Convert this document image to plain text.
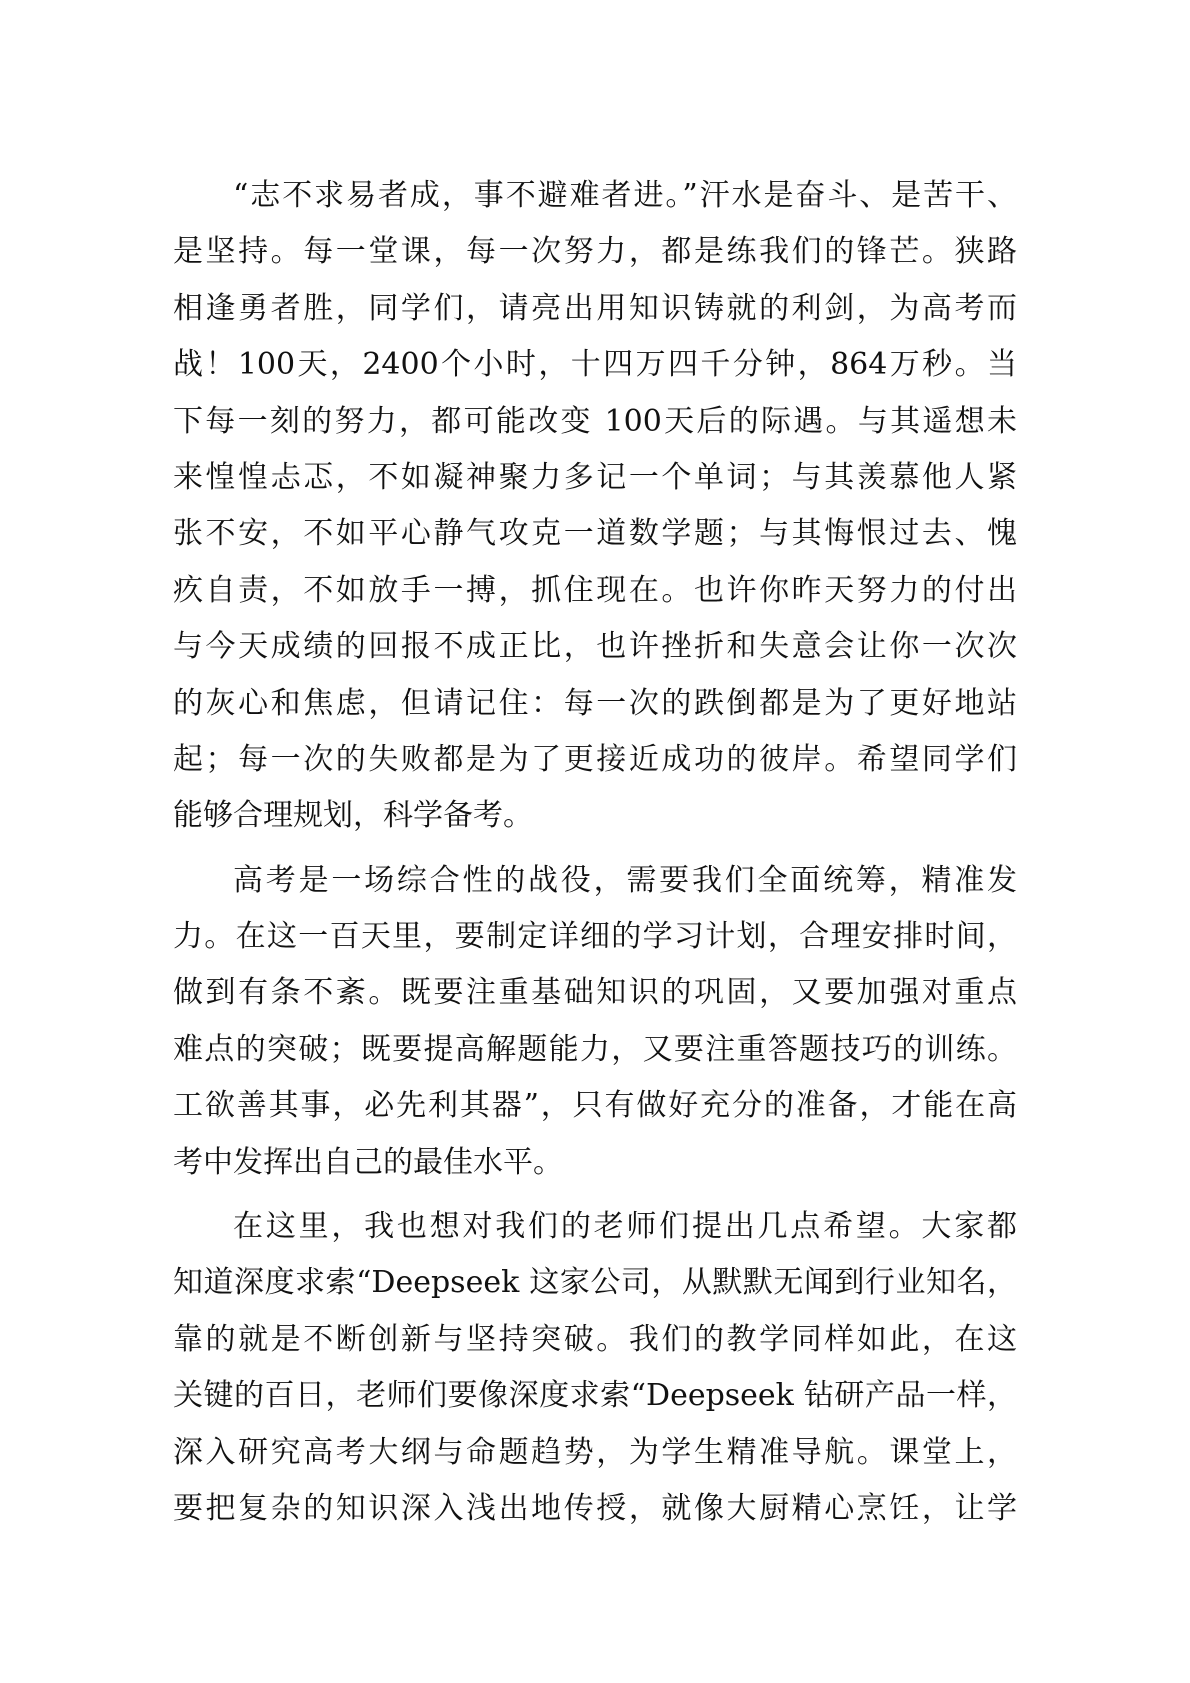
“志不求易者成，事不避难者进。”汗水是奋斗、是苦干、
是坚持。每一堂课，每一次努力，都是练我们的锋芒。狭路
相逢勇者胜，同学们，请亮出用知识铸就的利剑，为高考而
战！100天，2400个小时，十四万四千分钟，864万秒。当
下每一刻的努力，都可能改变 100天后的际遇。与其遥想未
来惶惶忐忑，不如凝神聚力多记一个单词；与其羡慕他人紧
张不安，不如平心静气攻克一道数学题；与其悔恨过去、愧
疚自责，不如放手一搏，抓住现在。也许你昨天努力的付出
与今天成绩的回报不成正比，也许挫折和失意会让你一次次
的灰心和焦虑，但请记住：每一次的跌倒都是为了更好地站
起；每一次的失败都是为了更接近成功的彼岸。希望同学们
能够合理规划，科学备考。
高考是一场综合性的战役，需要我们全面统筹，精准发
力。在这一百天里，要制定详细的学习计划，合理安排时间，
做到有条不紊。既要注重基础知识的巩固，又要加强对重点
难点的突破；既要提高解题能力，又要注重答题技巧的训练。
工欲善其事，必先利其器”，只有做好充分的准备，才能在高
考中发挥出自己的最佳水平。
在这里，我也想对我们的老师们提出几点希望。大家都
知道深度求索“Deepseek 这家公司，从默默无闻到行业知名，
靠的就是不断创新与坚持突破。我们的教学同样如此，在这
关键的百日，老师们要像深度求索“Deepseek 钻研产品一样，
深入研究高考大纲与命题趋势，为学生精准导航。课堂上，
要把复杂的知识深入浅出地传授，就像大厨精心烹饪，让学
